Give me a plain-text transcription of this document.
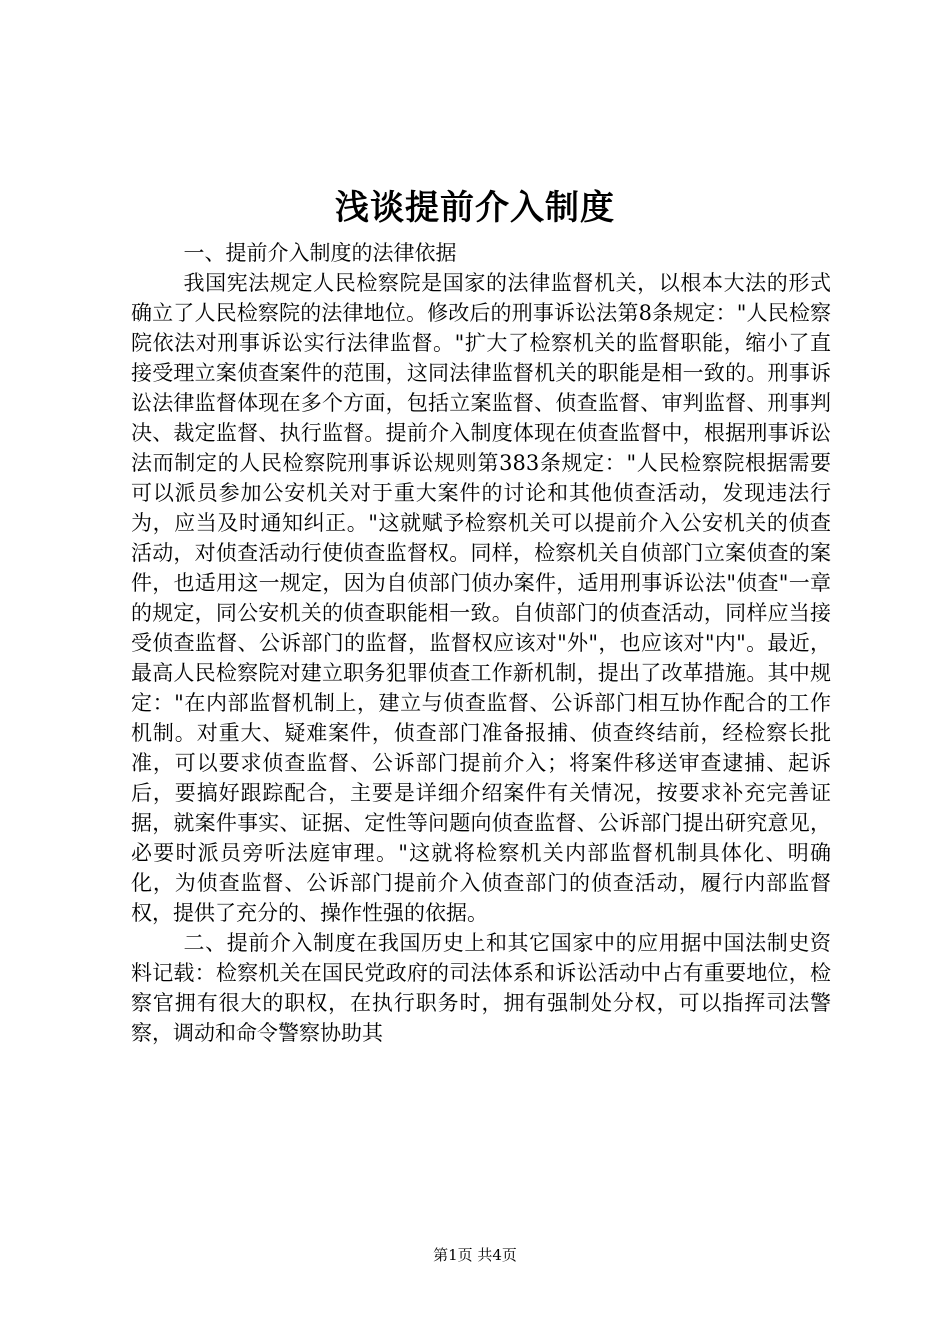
浅谈提前介入制度

一、提前介入制度的法律依据

我国宪法规定人民检察院是国家的法律监督机关，以根本大法的形式确立了人民检察院的法律地位。修改后的刑事诉讼法第8条规定："人民检察院依法对刑事诉讼实行法律监督。"扩大了检察机关的监督职能，缩小了直接受理立案侦查案件的范围，这同法律监督机关的职能是相一致的。刑事诉讼法律监督体现在多个方面，包括立案监督、侦查监督、审判监督、刑事判决、裁定监督、执行监督。提前介入制度体现在侦查监督中，根据刑事诉讼法而制定的人民检察院刑事诉讼规则第383条规定："人民检察院根据需要可以派员参加公安机关对于重大案件的讨论和其他侦查活动，发现违法行为，应当及时通知纠正。"这就赋予检察机关可以提前介入公安机关的侦查活动，对侦查活动行使侦查监督权。同样，检察机关自侦部门立案侦查的案件，也适用这一规定，因为自侦部门侦办案件，适用刑事诉讼法"侦查"一章的规定，同公安机关的侦查职能相一致。自侦部门的侦查活动，同样应当接受侦查监督、公诉部门的监督，监督权应该对"外"，也应该对"内"。最近，最高人民检察院对建立职务犯罪侦查工作新机制，提出了改革措施。其中规定："在内部监督机制上，建立与侦查监督、公诉部门相互协作配合的工作机制。对重大、疑难案件，侦查部门准备报捕、侦查终结前，经检察长批准，可以要求侦查监督、公诉部门提前介入；将案件移送审查逮捕、起诉后，要搞好跟踪配合，主要是详细介绍案件有关情况，按要求补充完善证据，就案件事实、证据、定性等问题向侦查监督、公诉部门提出研究意见，必要时派员旁听法庭审理。"这就将检察机关内部监督机制具体化、明确化，为侦查监督、公诉部门提前介入侦查部门的侦查活动，履行内部监督权，提供了充分的、操作性强的依据。

二、提前介入制度在我国历史上和其它国家中的应用据中国法制史资料记载：检察机关在国民党政府的司法体系和诉讼活动中占有重要地位，检察官拥有很大的职权，在执行职务时，拥有强制处分权，可以指挥司法警察，调动和命令警察协助其

第1页 共4页
